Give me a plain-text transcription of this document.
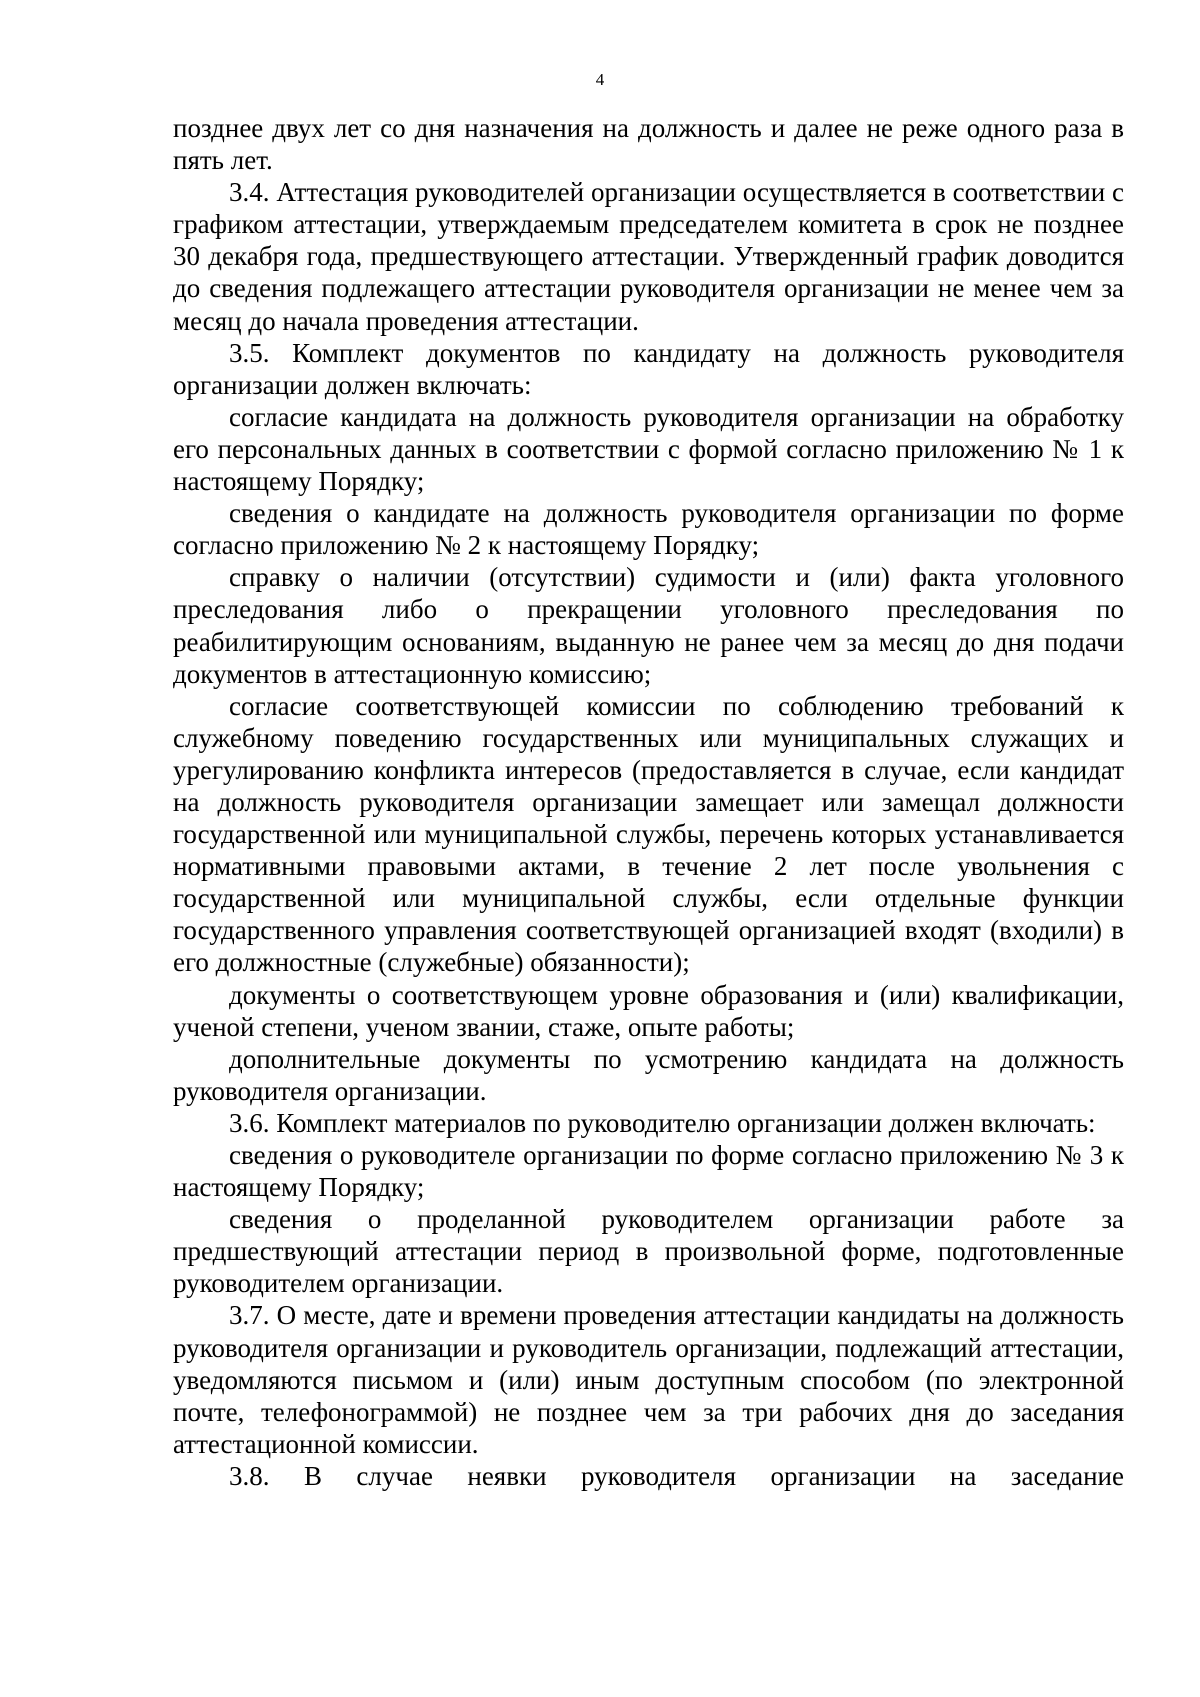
4

позднее двух лет со дня назначения на должность и далее не реже одного раза в пять лет.

3.4. Аттестация руководителей организации осуществляется в соответствии с графиком аттестации, утверждаемым председателем комитета в срок не позднее 30 декабря года, предшествующего аттестации. Утвержденный график доводится до сведения подлежащего аттестации руководителя организации не менее чем за месяц до начала проведения аттестации.

3.5. Комплект документов по кандидату на должность руководителя организации должен включать:

согласие кандидата на должность руководителя организации на обработку его персональных данных в соответствии с формой согласно приложению № 1 к настоящему Порядку;

сведения о кандидате на должность руководителя организации по форме согласно приложению № 2 к настоящему Порядку;

справку о наличии (отсутствии) судимости и (или) факта уголовного преследования либо о прекращении уголовного преследования по реабилитирующим основаниям, выданную не ранее чем за месяц до дня подачи документов в аттестационную комиссию;

согласие соответствующей комиссии по соблюдению требований к служебному поведению государственных или муниципальных служащих и урегулированию конфликта интересов (предоставляется в случае, если кандидат на должность руководителя организации замещает или замещал должности государственной или муниципальной службы, перечень которых устанавливается нормативными правовыми актами, в течение 2 лет после увольнения с государственной или муниципальной службы, если отдельные функции государственного управления соответствующей организацией входят (входили) в его должностные (служебные) обязанности);

документы о соответствующем уровне образования и (или) квалификации, ученой степени, ученом звании, стаже, опыте работы;

дополнительные документы по усмотрению кандидата на должность руководителя организации.

3.6. Комплект материалов по руководителю организации должен включать:

сведения о руководителе организации по форме согласно приложению № 3 к настоящему Порядку;

сведения о проделанной руководителем организации работе за предшествующий аттестации период в произвольной форме, подготовленные руководителем организации.

3.7. О месте, дате и времени проведения аттестации кандидаты на должность руководителя организации и руководитель организации, подлежащий аттестации, уведомляются письмом и (или) иным доступным способом (по электронной почте, телефонограммой) не позднее чем за три рабочих дня до заседания аттестационной комиссии.

3.8. В случае неявки руководителя организации на заседание
